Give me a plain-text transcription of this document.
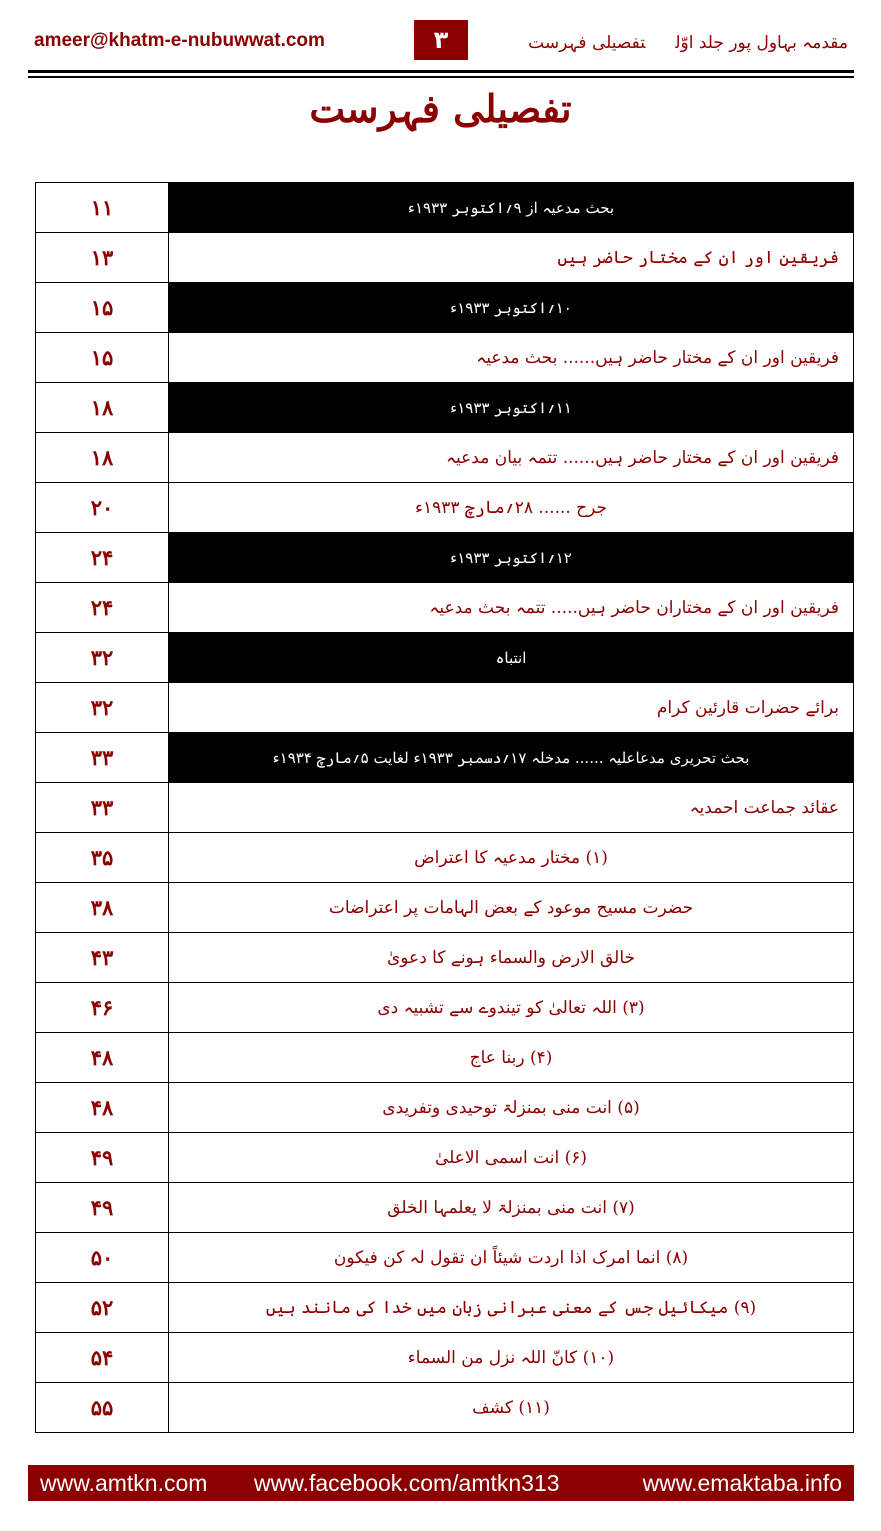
ameer@khatm-e-nubuwwat.com	۳	مقدمہ بہاول پور جلد اوّلتفصیلی فہرست
تفصیلی فہرست
۱۱	بحث مدعیہ از ۹؍اکتوبر ۱۹۳۳ء
۱۳	فریقین اور ان کے مختار حاضر ہیں
۱۵	۱۰؍اکتوبر ۱۹۳۳ء
۱۵	فریقین اور ان کے مختار حاضر ہیں...... بحث مدعیہ
۱۸	۱۱؍اکتوبر ۱۹۳۳ء
۱۸	فریقین اور ان کے مختار حاضر ہیں...... تتمہ بیان مدعیہ
۲۰	جرح ...... ۲۸؍مارچ ۱۹۳۳ء
۲۴	۱۲؍اکتوبر ۱۹۳۳ء
۲۴	فریقین اور ان کے مختاران حاضر ہیں..... تتمہ بحث مدعیہ
۳۲	انتباہ
۳۲	برائے حضرات قارئین کرام
۳۳	بحث تحریری مدعاعلیہ ...... مدخلہ ۱۷؍دسمبر ۱۹۳۳ء لغایت ۵؍مارچ ۱۹۳۴ء
۳۳	عقائد جماعت احمدیہ
۳۵	(۱) مختار مدعیہ کا اعتراض
۳۸	حضرت مسیح موعود کے بعض الہامات پر اعتراضات
۴۳	خالق الارض والسماء ہونے کا دعویٰ
۴۶	(۳) اللہ تعالیٰ کو تیندوے سے تشبیہ دی
۴۸	(۴) ربنا عاج
۴۸	(۵) انت منی بمنزلۃ توحیدی وتفریدی
۴۹	(۶) انت اسمی الاعلیٰ
۴۹	(۷) انت منی بمنزلۃ لا یعلمہا الخلق
۵۰	(۸) انما امرک اذا اردت شیئاً ان تقول لہ کن فیکون
۵۲	(۹) میکائیل جس کے معنی عبرانی زبان میں خدا کی مانند ہیں
۵۴	(۱۰) کانّ اللہ نزل من السماء
۵۵	(۱۱) کشف
www.amtkn.com www.facebook.com/amtkn313	www.emaktaba.info
